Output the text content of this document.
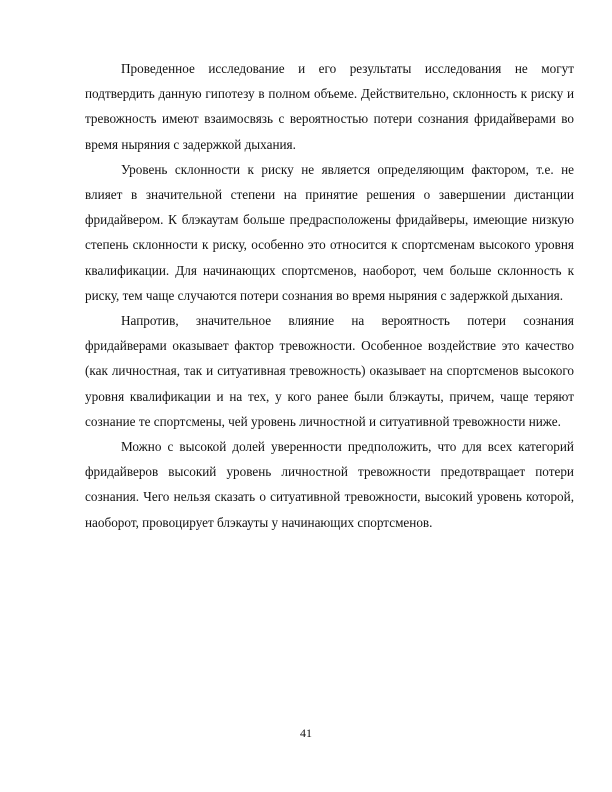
Проведенное исследование и его результаты исследования не могут подтвердить данную гипотезу в полном объеме. Действительно, склонность к риску и тревожность имеют взаимосвязь с вероятностью потери сознания фридайверами во время ныряния с задержкой дыхания.

Уровень склонности к риску не является определяющим фактором, т.е. не влияет в значительной степени на принятие решения о завершении дистанции фридайвером. К блэкаутам больше предрасположены фридайверы, имеющие низкую степень склонности к риску, особенно это относится к спортсменам высокого уровня квалификации. Для начинающих спортсменов, наоборот, чем больше склонность к риску, тем чаще случаются потери сознания во время ныряния с задержкой дыхания.

Напротив, значительное влияние на вероятность потери сознания фридайверами оказывает фактор тревожности. Особенное воздействие это качество (как личностная, так и ситуативная тревожность) оказывает на спортсменов высокого уровня квалификации и на тех, у кого ранее были блэкауты, причем, чаще теряют сознание те спортсмены, чей уровень личностной и ситуативной тревожности ниже.

Можно с высокой долей уверенности предположить, что для всех категорий фридайверов высокий уровень личностной тревожности предотвращает потери сознания. Чего нельзя сказать о ситуативной тревожности, высокий уровень которой, наоборот, провоцирует блэкауты у начинающих спортсменов.

41
